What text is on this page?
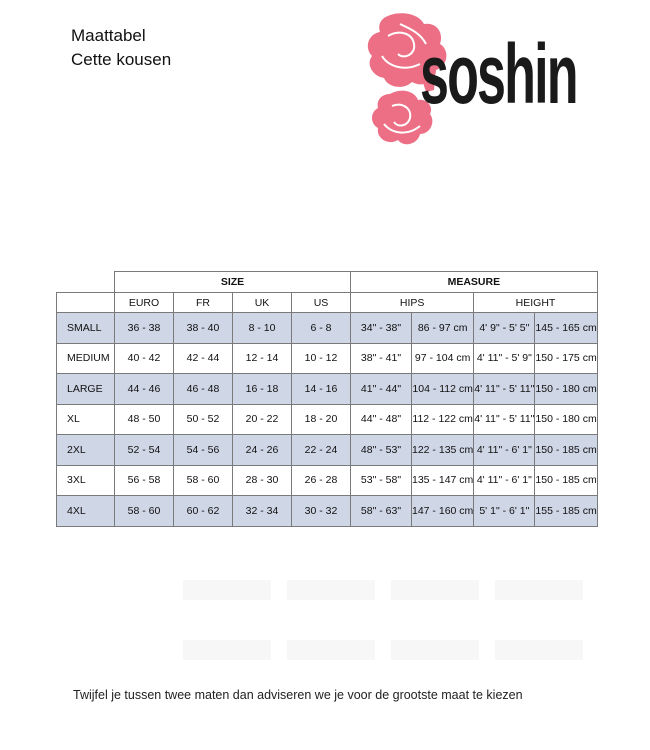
Maattabel
Cette kousen	soshin
	SIZE				MEASURE			
	EURO	FR	UK	US	HIPS		HEIGHT	
SMALL	36 - 38	38 - 40	8 - 10	6 - 8	34" - 38"	86 - 97 cm	4' 9" - 5' 5"	145 - 165 cm
MEDIUM	40 - 42	42 - 44	12 - 14	10 - 12	38" - 41"	97 - 104 cm	4' 11" - 5' 9"	150 - 175 cm
LARGE	44 - 46	46 - 48	16 - 18	14 - 16	41" - 44"	104 - 112 cm	4' 11" - 5' 11"	150 - 180 cm
XL	48 - 50	50 - 52	20 - 22	18 - 20	44" - 48"	112 - 122 cm	4' 11" - 5' 11"	150 - 180 cm
2XL	52 - 54	54 - 56	24 - 26	22 - 24	48" - 53"	122 - 135 cm	4' 11" - 6' 1"	150 - 185 cm
3XL	56 - 58	58 - 60	28 - 30	26 - 28	53" - 58"	135 - 147 cm	4' 11" - 6' 1"	150 - 185 cm
4XL	58 - 60	60 - 62	32 - 34	30 - 32	58" - 63"	147 - 160 cm	5' 1" - 6' 1"	155 - 185 cm
Twijfel je tussen twee maten dan adviseren we je voor de grootste maat te kiezen
